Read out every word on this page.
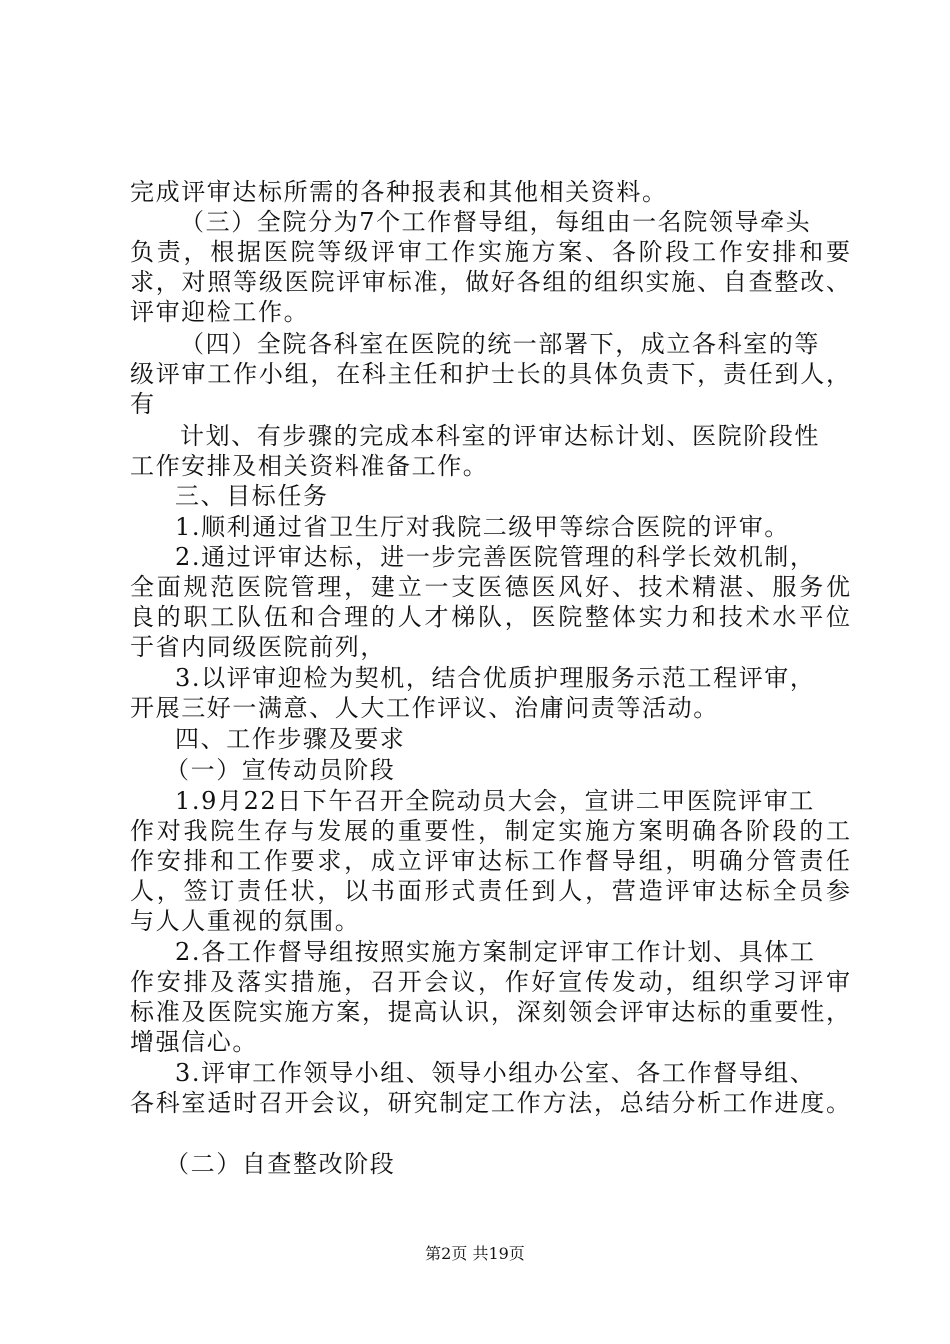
完成评审达标所需的各种报表和其他相关资料。
（三）全院分为7个工作督导组，每组由一名院领导牵头
负责，根据医院等级评审工作实施方案、各阶段工作安排和要
求，对照等级医院评审标准，做好各组的组织实施、自查整改、
评审迎检工作。
（四）全院各科室在医院的统一部署下，成立各科室的等
级评审工作小组，在科主任和护士长的具体负责下，责任到人，
有
计划、有步骤的完成本科室的评审达标计划、医院阶段性
工作安排及相关资料准备工作。
三、目标任务
1.顺利通过省卫生厅对我院二级甲等综合医院的评审。
2.通过评审达标，进一步完善医院管理的科学长效机制，
全面规范医院管理，建立一支医德医风好、技术精湛、服务优
良的职工队伍和合理的人才梯队，医院整体实力和技术水平位
于省内同级医院前列，
3.以评审迎检为契机，结合优质护理服务示范工程评审，
开展三好一满意、人大工作评议、治庸问责等活动。
四、工作步骤及要求
（一）宣传动员阶段
1.9月22日下午召开全院动员大会，宣讲二甲医院评审工
作对我院生存与发展的重要性，制定实施方案明确各阶段的工
作安排和工作要求，成立评审达标工作督导组，明确分管责任
人，签订责任状，以书面形式责任到人，营造评审达标全员参
与人人重视的氛围。
2.各工作督导组按照实施方案制定评审工作计划、具体工
作安排及落实措施，召开会议，作好宣传发动，组织学习评审
标准及医院实施方案，提高认识，深刻领会评审达标的重要性，
增强信心。
3.评审工作领导小组、领导小组办公室、各工作督导组、
各科室适时召开会议，研究制定工作方法，总结分析工作进度。
（二）自查整改阶段
第2页 共19页
